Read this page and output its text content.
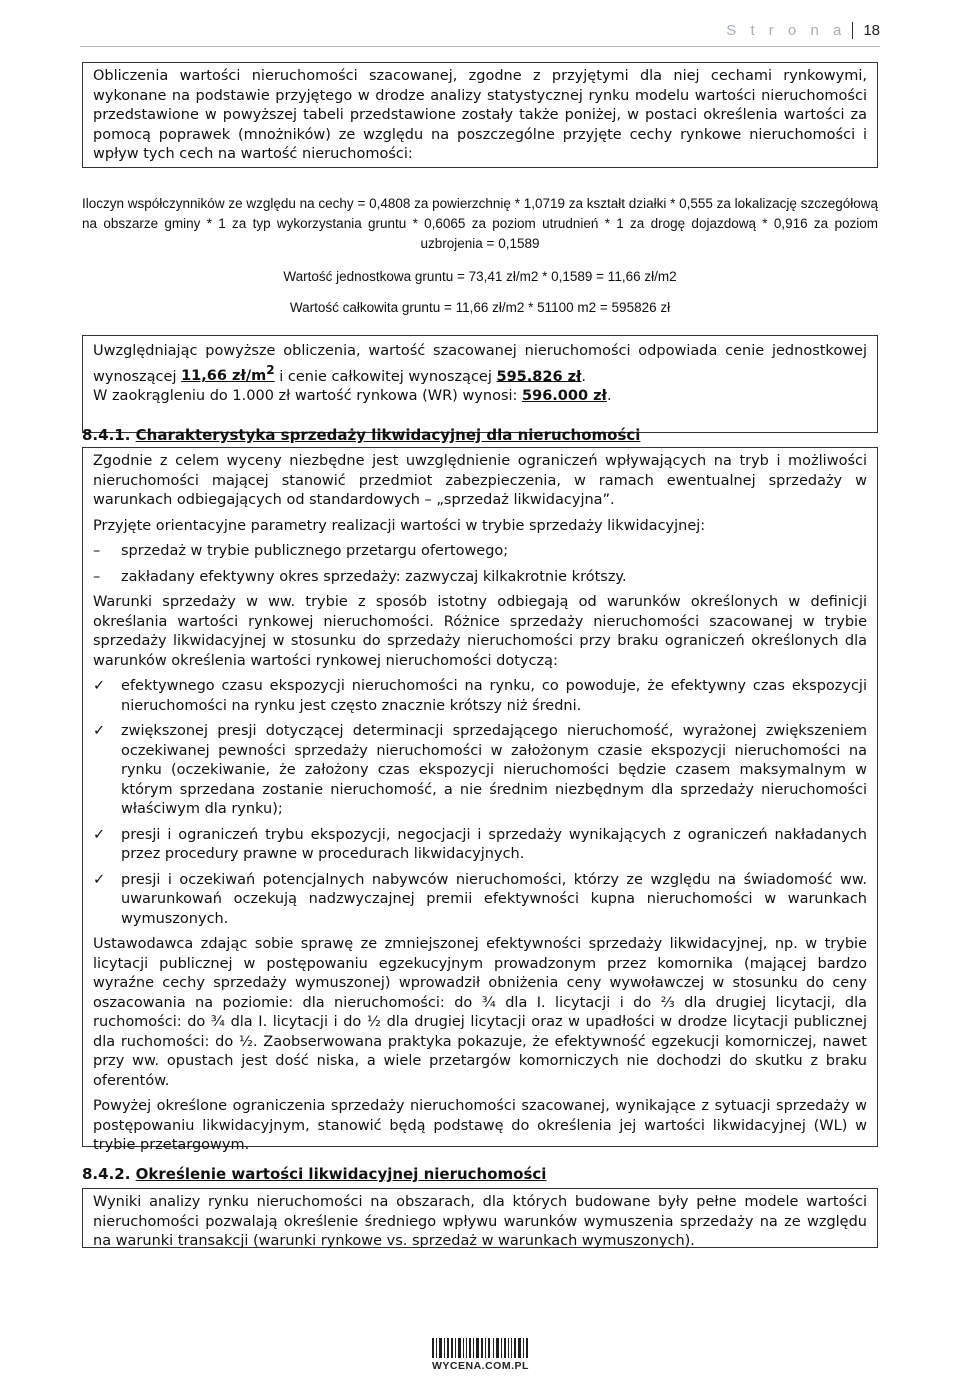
S t r o n a 18

Obliczenia wartości nieruchomości szacowanej, zgodne z przyjętymi dla niej cechami rynkowymi, wykonane na podstawie przyjętego w drodze analizy statystycznej rynku modelu wartości nieruchomości przedstawione w powyższej tabeli przedstawione zostały także poniżej, w postaci określenia wartości za pomocą poprawek (mnożników) ze względu na poszczególne przyjęte cechy rynkowe nieruchomości i wpływ tych cech na wartość nieruchomości:

Iloczyn współczynników ze względu na cechy = 0,4808 za powierzchnię * 1,0719 za kształt działki * 0,555 za lokalizację szczegółową na obszarze gminy * 1 za typ wykorzystania gruntu * 0,6065 za poziom utrudnień * 1 za drogę dojazdową * 0,916 za poziom uzbrojenia = 0,1589

Wartość jednostkowa gruntu = 73,41 zł/m2 * 0,1589 = 11,66 zł/m2

Wartość całkowita gruntu = 11,66 zł/m2 * 51100 m2 = 595826 zł

Uwzględniając powyższe obliczenia, wartość szacowanej nieruchomości odpowiada cenie jednostkowej wynoszącej 11,66 $zł/m^2$ i cenie całkowitej wynoszącej 595.826 zł.

W zaokrągleniu do 1.000 zł wartość rynkowa (WR) wynosi: 596.000 zł.

8.4.1. Charakterystyka sprzedaży likwidacyjnej dla nieruchomości

Zgodnie z celem wyceny niezbędne jest uwzględnienie ograniczeń wpływających na tryb i możliwości nieruchomości mającej stanowić przedmiot zabezpieczenia, w ramach ewentualnej sprzedaży w warunkach odbiegających od standardowych – „sprzedaż likwidacyjna”.

Przyjęte orientacyjne parametry realizacji wartości w trybie sprzedaży likwidacyjnej:

– sprzedaż w trybie publicznego przetargu ofertowego;
– zakładany efektywny okres sprzedaży: zazwyczaj kilkakrotnie krótszy.

Warunki sprzedaży w ww. trybie z sposób istotny odbiegają od warunków określonych w definicji określania wartości rynkowej nieruchomości. Różnice sprzedaży nieruchomości szacowanej w trybie sprzedaży likwidacyjnej w stosunku do sprzedaży nieruchomości przy braku ograniczeń określonych dla warunków określenia wartości rynkowej nieruchomości dotyczą:

✓ efektywnego czasu ekspozycji nieruchomości na rynku, co powoduje, że efektywny czas ekspozycji nieruchomości na rynku jest często znacznie krótszy niż średni.
✓ zwiększonej presji dotyczącej determinacji sprzedającego nieruchomość, wyrażonej zwiększeniem oczekiwanej pewności sprzedaży nieruchomości w założonym czasie ekspozycji nieruchomości na rynku (oczekiwanie, że założony czas ekspozycji nieruchomości będzie czasem maksymalnym w którym sprzedana zostanie nieruchomość, a nie średnim niezbędnym dla sprzedaży nieruchomości właściwym dla rynku);
✓ presji i ograniczeń trybu ekspozycji, negocjacji i sprzedaży wynikających z ograniczeń nakładanych przez procedury prawne w procedurach likwidacyjnych.
✓ presji i oczekiwań potencjalnych nabywców nieruchomości, którzy ze względu na świadomość ww. uwarunkowań oczekują nadzwyczajnej premii efektywności kupna nieruchomości w warunkach wymuszonych.

Ustawodawca zdając sobie sprawę ze zmniejszonej efektywności sprzedaży likwidacyjnej, np. w trybie licytacji publicznej w postępowaniu egzekucyjnym prowadzonym przez komornika (mającej bardzo wyraźne cechy sprzedaży wymuszonej) wprowadził obniżenia ceny wywoławczej w stosunku do ceny oszacowania na poziomie: dla nieruchomości: do ¾ dla I. licytacji i do ⅔ dla drugiej licytacji, dla ruchomości: do ¾ dla I. licytacji i do ½ dla drugiej licytacji oraz w upadłości w drodze licytacji publicznej dla ruchomości: do ½. Zaobserwowana praktyka pokazuje, że efektywność egzekucji komorniczej, nawet przy ww. opustach jest dość niska, a wiele przetargów komorniczych nie dochodzi do skutku z braku oferentów.

Powyżej określone ograniczenia sprzedaży nieruchomości szacowanej, wynikające z sytuacji sprzedaży w postępowaniu likwidacyjnym, stanowić będą podstawę do określenia jej wartości likwidacyjnej (WL) w trybie przetargowym.

8.4.2. Określenie wartości likwidacyjnej nieruchomości

Wyniki analizy rynku nieruchomości na obszarach, dla których budowane były pełne modele wartości nieruchomości pozwalają określenie średniego wpływu warunków wymuszenia sprzedaży na ze względu na warunki transakcji (warunki rynkowe vs. sprzedaż w warunkach wymuszonych).

WYCENA.COM.PL
